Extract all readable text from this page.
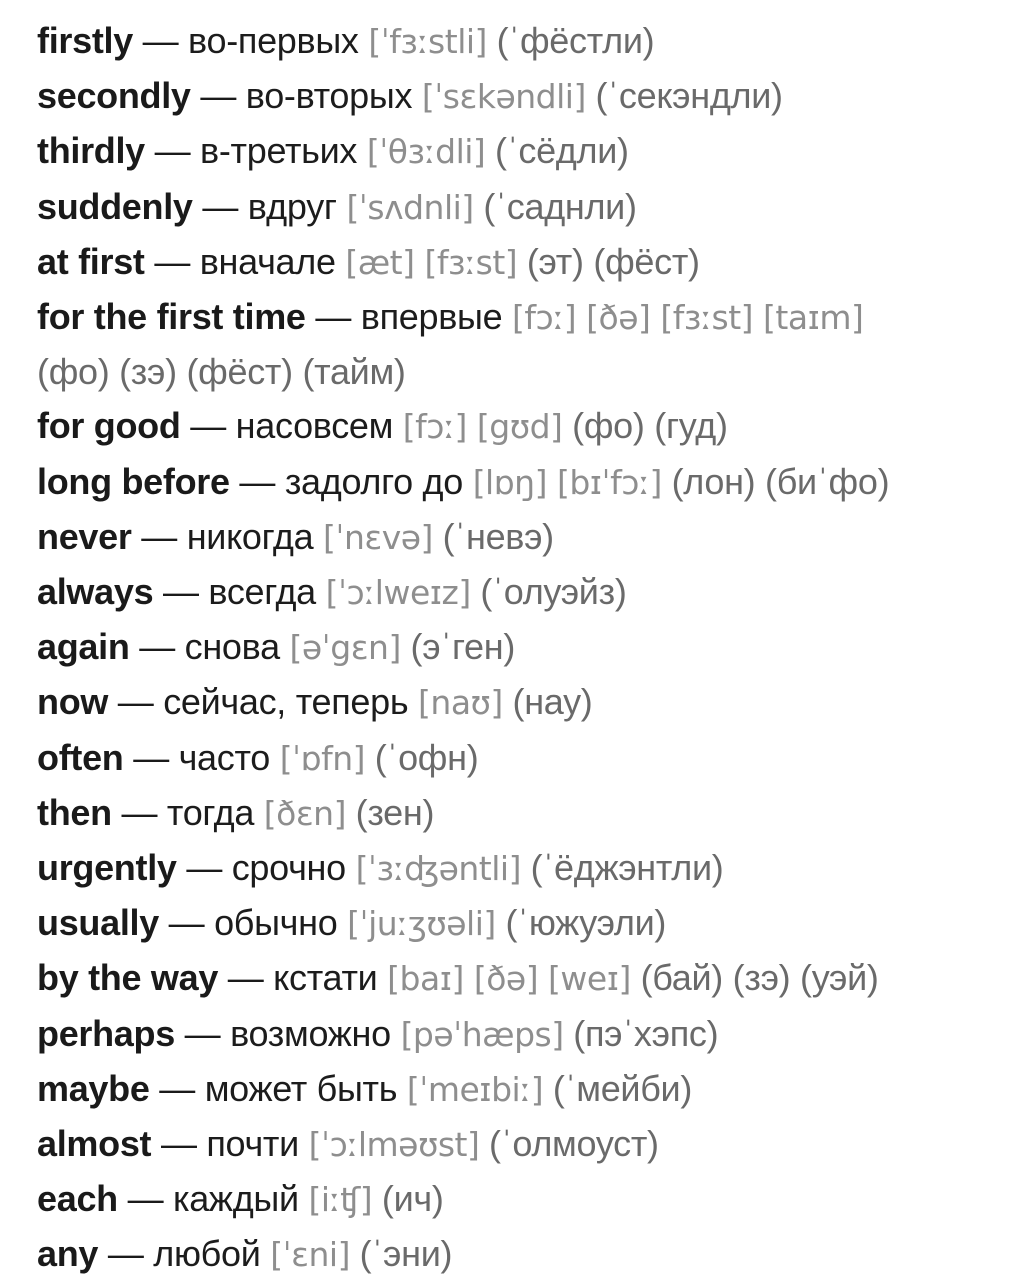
firstly — во-первых [ˈfɜːstli] (ˈфёстли)
secondly — во-вторых [ˈsɛkəndli] (ˈсекэндли)
thirdly — в-третьих [ˈθɜːdli] (ˈсёдли)
suddenly — вдруг [ˈsʌdnli] (ˈсаднли)
at first — вначале [æt] [fɜːst] (эт) (фёст)
for the first time — впервые [fɔː] [ðə] [fɜːst] [taɪm]
(фо) (зэ) (фёст) (тайм)
for good — насовсем [fɔː] [gʊd] (фо) (гуд)
long before — задолго до [lɒŋ] [bɪˈfɔː] (лон) (биˈфо)
never — никогда [ˈnɛvə] (ˈневэ)
always — всегда [ˈɔːlweɪz] (ˈолуэйз)
again — снова [əˈgɛn] (эˈген)
now — сейчас, теперь [naʊ] (нау)
often — часто [ˈɒfn] (ˈофн)
then — тогда [ðɛn] (зен)
urgently — срочно [ˈɜːʤəntli] (ˈёджэнтли)
usually — обычно [ˈjuːʒʊəli] (ˈюжуэли)
by the way — кстати [baɪ] [ðə] [weɪ] (бай) (зэ) (уэй)
perhaps — возможно [pəˈhæps] (пэˈхэпс)
maybe — может быть [ˈmeɪbiː] (ˈмейби)
almost — почти [ˈɔːlməʊst] (ˈолмоуст)
each — каждый [iːʧ] (ич)
any — любой [ˈɛni] (ˈэни)
